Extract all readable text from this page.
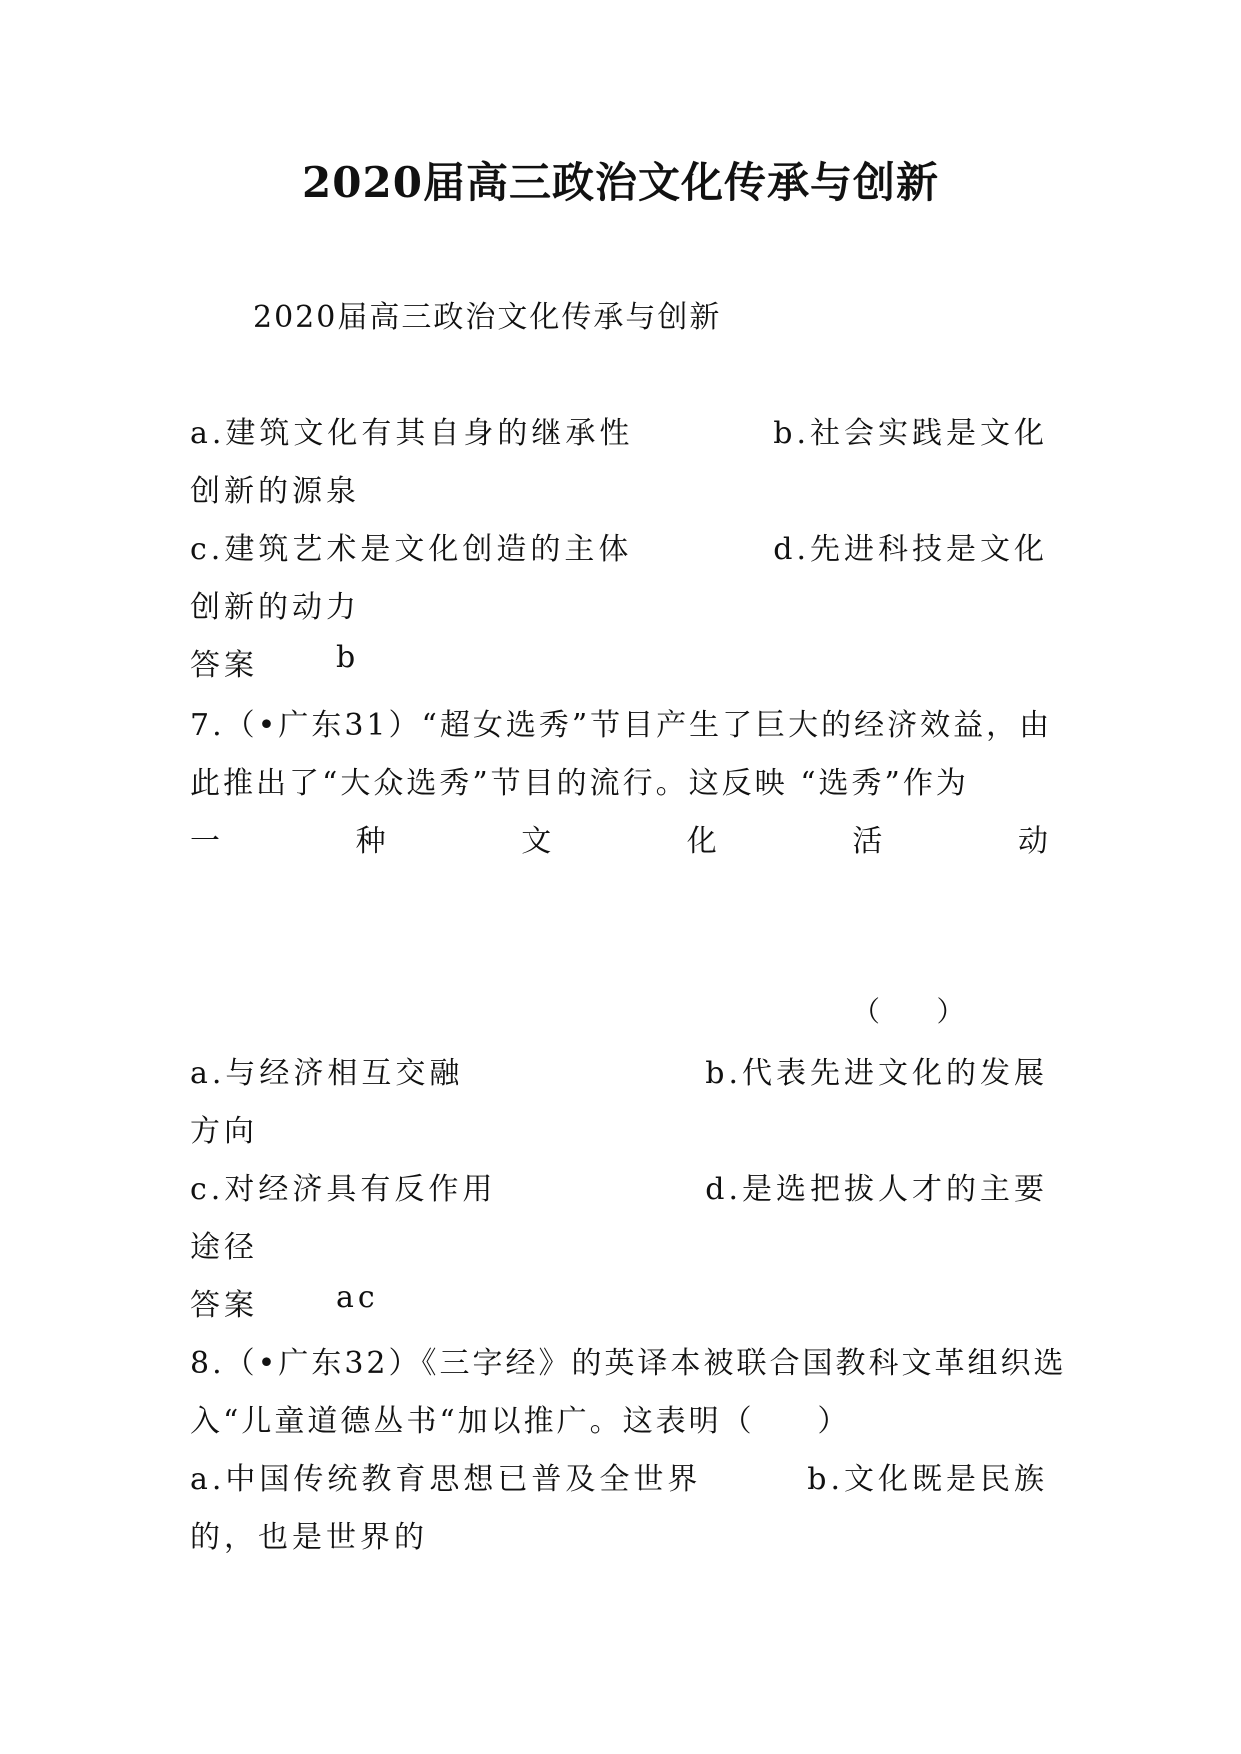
2020届高三政治文化传承与创新
2020届高三政治文化传承与创新
a.建筑文化有其自身的继承性	b.社会实践是文化
创新的源泉
c.建筑艺术是文化创造的主体	d.先进科技是文化
创新的动力
答案	b
7.（•广东31）“超女选秀”节目产生了巨大的经济效益，由
此推出了“大众选秀”节目的流行。这反映 “选秀”作为
一	种	文	化	活	动
（     ）
a.与经济相互交融	b.代表先进文化的发展
方向
c.对经济具有反作用	d.是选把拔人才的主要
途径
答案	ac
8.（•广东32）《三字经》的英译本被联合国教科文革组织选
入“儿童道德丛书“加以推广。这表明（     ）
a.中国传统教育思想已普及全世界	b.文化既是民族
的，也是世界的
